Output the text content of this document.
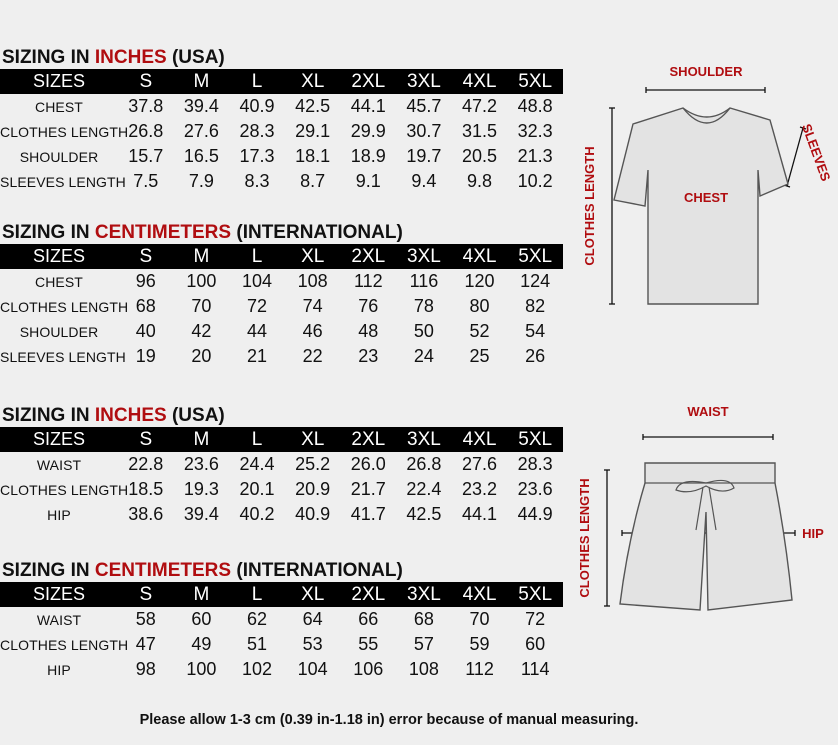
SIZING IN INCHES (USA)
SIZES	S	M	L	XL	2XL	3XL	4XL	5XL
CHEST	37.8	39.4	40.9	42.5	44.1	45.7	47.2	48.8
CLOTHES LENGTH	26.8	27.6	28.3	29.1	29.9	30.7	31.5	32.3
SHOULDER	15.7	16.5	17.3	18.1	18.9	19.7	20.5	21.3
SLEEVES LENGTH	7.5	7.9	8.3	8.7	9.1	9.4	9.8	10.2
SIZING IN CENTIMETERS (INTERNATIONAL)
SIZES	S	M	L	XL	2XL	3XL	4XL	5XL
CHEST	96	100	104	108	112	116	120	124
CLOTHES LENGTH	68	70	72	74	76	78	80	82
SHOULDER	40	42	44	46	48	50	52	54
SLEEVES LENGTH	19	20	21	22	23	24	25	26
SIZING IN INCHES (USA)
SIZES	S	M	L	XL	2XL	3XL	4XL	5XL
WAIST	22.8	23.6	24.4	25.2	26.0	26.8	27.6	28.3
CLOTHES LENGTH	18.5	19.3	20.1	20.9	21.7	22.4	23.2	23.6
HIP	38.6	39.4	40.2	40.9	41.7	42.5	44.1	44.9
SIZING IN CENTIMETERS (INTERNATIONAL)
SIZES	S	M	L	XL	2XL	3XL	4XL	5XL
WAIST	58	60	62	64	66	68	70	72
CLOTHES LENGTH	47	49	51	53	55	57	59	60
HIP	98	100	102	104	106	108	112	114
SHOULDER
CHEST
SLEEVES
CLOTHES LENGTH
WAIST
HIP
CLOTHES LENGTH
Please allow 1-3 cm (0.39 in-1.18 in) error because of manual measuring.
